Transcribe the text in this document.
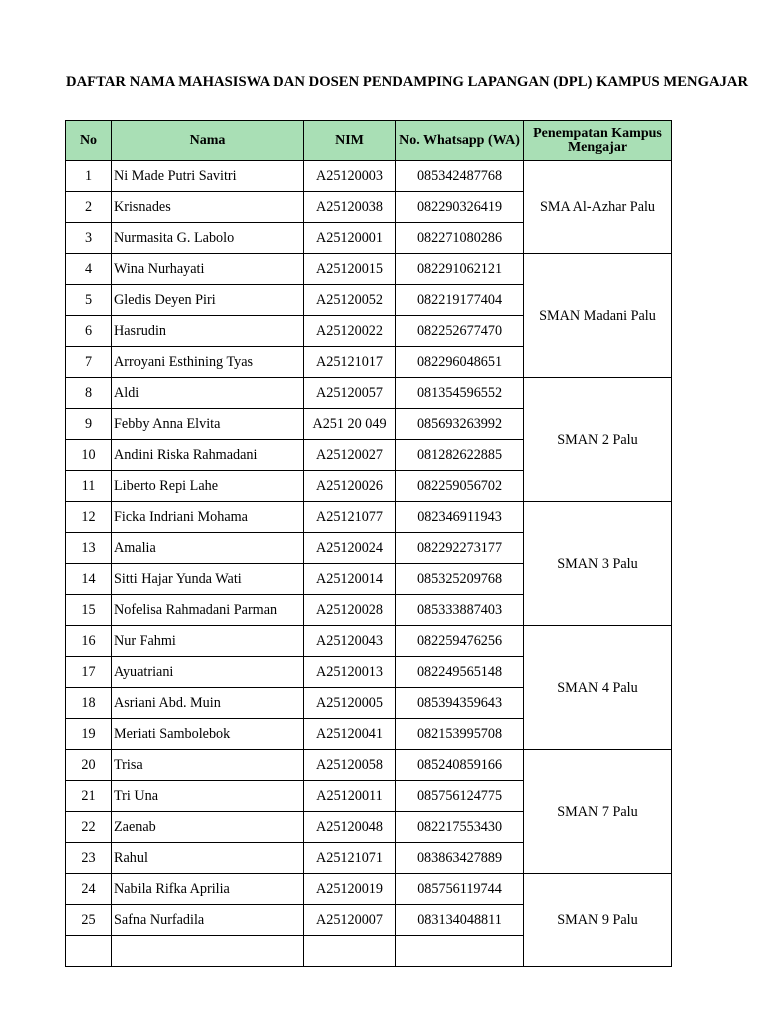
DAFTAR NAMA MAHASISWA DAN DOSEN PENDAMPING LAPANGAN (DPL) KAMPUS MENGAJAR
No	Nama	NIM	No. Whatsapp (WA)	Penempatan Kampus Mengajar
1	Ni Made Putri Savitri	A25120003	085342487768	SMA Al-Azhar Palu
2	Krisnades	A25120038	082290326419	
3	Nurmasita G. Labolo	A25120001	082271080286	
4	Wina Nurhayati	A25120015	082291062121	SMAN Madani Palu
5	Gledis Deyen Piri	A25120052	082219177404	
6	Hasrudin	A25120022	082252677470	
7	Arroyani Esthining Tyas	A25121017	082296048651	
8	Aldi	A25120057	081354596552	SMAN 2 Palu
9	Febby Anna Elvita	A251 20 049	085693263992	
10	Andini Riska Rahmadani	A25120027	081282622885	
11	Liberto Repi Lahe	A25120026	082259056702	
12	Ficka Indriani Mohama	A25121077	082346911943	SMAN 3 Palu
13	Amalia	A25120024	082292273177	
14	Sitti Hajar Yunda Wati	A25120014	085325209768	
15	Nofelisa Rahmadani Parman	A25120028	085333887403	
16	Nur Fahmi	A25120043	082259476256	SMAN 4 Palu
17	Ayuatriani	A25120013	082249565148	
18	Asriani Abd. Muin	A25120005	085394359643	
19	Meriati Sambolebok	A25120041	082153995708	
20	Trisa	A25120058	085240859166	SMAN 7 Palu
21	Tri Una	A25120011	085756124775	
22	Zaenab	A25120048	082217553430	
23	Rahul	A25121071	083863427889	
24	Nabila Rifka Aprilia	A25120019	085756119744	SMAN 9 Palu
25	Safna Nurfadila	A25120007	083134048811	
